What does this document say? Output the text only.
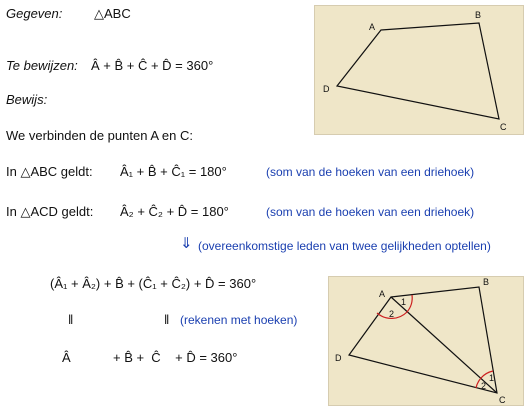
Gegeven: △ABC
Te bewijzen: Â + B̂ + Ĉ + D̂ = 360°
Bewijs:
We verbinden de punten A en C:
In △ABC geldt: Â₁ + B̂ + Ĉ₁ = 180°	(som van de hoeken van een driehoek)
In △ACD geldt: Â₂ + Ĉ₂ + D̂ = 180°	(som van de hoeken van een driehoek)
⇓ (overeenkomstige leden van twee gelijkheden optellen)
(Â₁ + Â₂) + B̂ + (Ĉ₁ + Ĉ₂) + D̂ = 360°
‖	‖ (rekenen met hoeken)
Â	+ B̂ +  Ĉ    + D̂ = 360°
A
B
C
D
A
B
C
D
1
2
1
2
